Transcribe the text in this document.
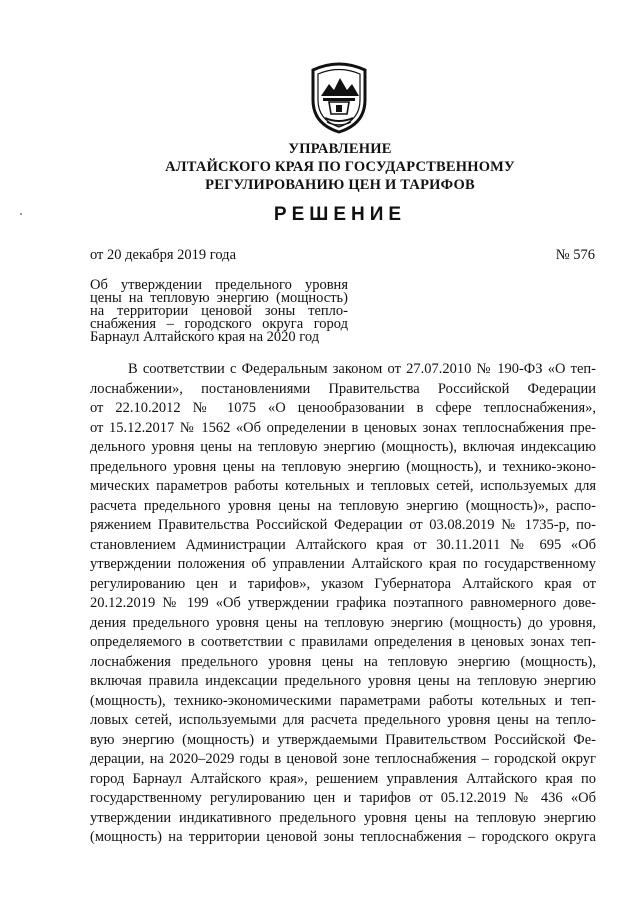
УПРАВЛЕНИЕ
АЛТАЙСКОГО КРАЯ ПО ГОСУДАРСТВЕННОМУ
РЕГУЛИРОВАНИЮ ЦЕН И ТАРИФОВ
РЕШЕНИЕ
от 20 декабря 2019 года	№ 576
Об утверждении предельного уровня
цены на тепловую энергию (мощность)
на территории ценовой зоны тепло-
снабжения – городского округа город
Барнаул Алтайского края на 2020 год
В соответствии с Федеральным законом от 27.07.2010 № 190-ФЗ «О теп-
лоснабжении», постановлениями Правительства Российской Федерации
от 22.10.2012 № 1075 «О ценообразовании в сфере теплоснабжения»,
от 15.12.2017 № 1562 «Об определении в ценовых зонах теплоснабжения пре-
дельного уровня цены на тепловую энергию (мощность), включая индексацию
предельного уровня цены на тепловую энергию (мощность), и технико-эконо-
мических параметров работы котельных и тепловых сетей, используемых для
расчета предельного уровня цены на тепловую энергию (мощность)», распо-
ряжением Правительства Российской Федерации от 03.08.2019 № 1735-р, по-
становлением Администрации Алтайского края от 30.11.2011 № 695 «Об
утверждении положения об управлении Алтайского края по государственному
регулированию цен и тарифов», указом Губернатора Алтайского края от
20.12.2019 № 199 «Об утверждении графика поэтапного равномерного дове-
дения предельного уровня цены на тепловую энергию (мощность) до уровня,
определяемого в соответствии с правилами определения в ценовых зонах теп-
лоснабжения предельного уровня цены на тепловую энергию (мощность),
включая правила индексации предельного уровня цены на тепловую энергию
(мощность), технико-экономическими параметрами работы котельных и теп-
ловых сетей, используемыми для расчета предельного уровня цены на тепло-
вую энергию (мощность) и утверждаемыми Правительством Российской Фе-
дерации, на 2020–2029 годы в ценовой зоне теплоснабжения – городской округ
город Барнаул Алтайского края», решением управления Алтайского края по
государственному регулированию цен и тарифов от 05.12.2019 № 436 «Об
утверждении индикативного предельного уровня цены на тепловую энергию
(мощность) на территории ценовой зоны теплоснабжения – городского округа
